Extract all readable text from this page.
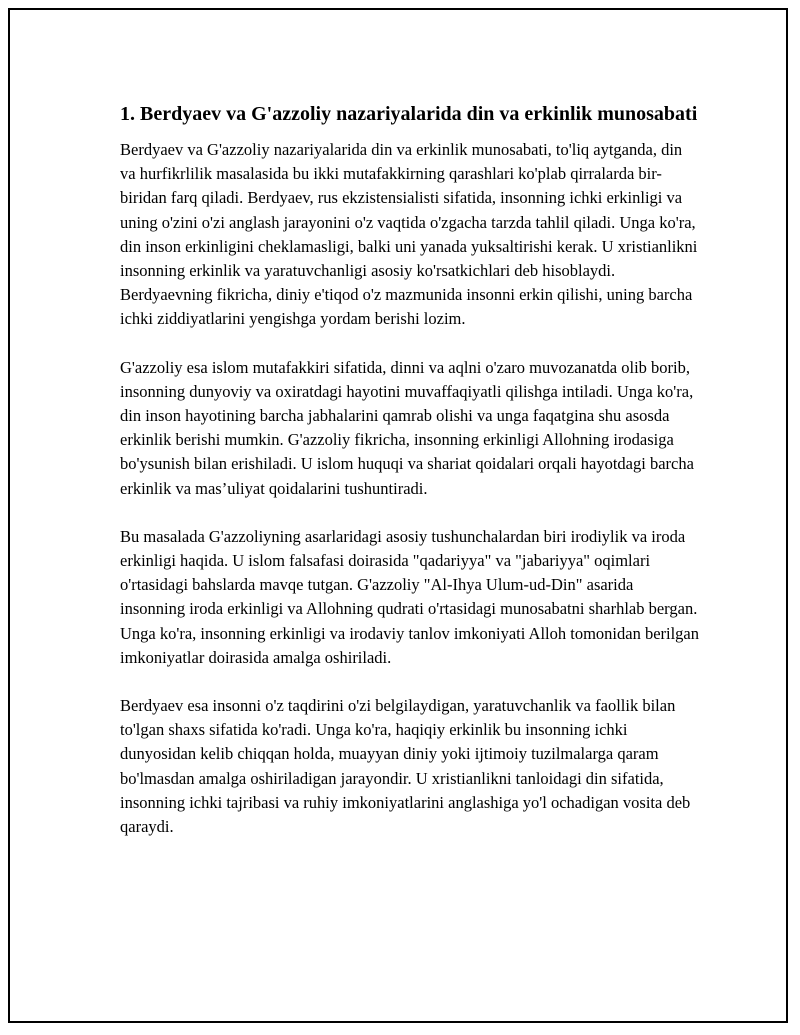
1. Berdyaev va G'azzoliy nazariyalarida din va erkinlik munosabati

Berdyaev va G'azzoliy nazariyalarida din va erkinlik munosabati, to'liq aytganda, din va hurfikrlilik masalasida bu ikki mutafakkirning qarashlari ko'plab qirralarda bir-biridan farq qiladi. Berdyaev, rus ekzistensialisti sifatida, insonning ichki erkinligi va uning o'zini o'zi anglash jarayonini o'z vaqtida o'zgacha tarzda tahlil qiladi. Unga ko'ra, din inson erkinligini cheklamasligi, balki uni yanada yuksaltirishi kerak. U xristianlikni insonning erkinlik va yaratuvchanligi asosiy ko'rsatkichlari deb hisoblaydi. Berdyaevning fikricha, diniy e'tiqod o'z mazmunida insonni erkin qilishi, uning barcha ichki ziddiyatlarini yengishga yordam berishi lozim.

G'azzoliy esa islom mutafakkiri sifatida, dinni va aqlni o'zaro muvozanatda olib borib, insonning dunyoviy va oxiratdagi hayotini muvaffaqiyatli qilishga intiladi. Unga ko'ra, din inson hayotining barcha jabhalarini qamrab olishi va unga faqatgina shu asosda erkinlik berishi mumkin. G'azzoliy fikricha, insonning erkinligi Allohning irodasiga bo'ysunish bilan erishiladi. U islom huquqi va shariat qoidalari orqali hayotdagi barcha erkinlik va mas’uliyat qoidalarini tushuntiradi.

Bu masalada G'azzoliyning asarlaridagi asosiy tushunchalardan biri irodiylik va iroda erkinligi haqida. U islom falsafasi doirasida "qadariyya" va "jabariyya" oqimlari o'rtasidagi bahslarda mavqe tutgan. G'azzoliy "Al-Ihya Ulum-ud-Din" asarida insonning iroda erkinligi va Allohning qudrati o'rtasidagi munosabatni sharhlab bergan. Unga ko'ra, insonning erkinligi va irodaviy tanlov imkoniyati Alloh tomonidan berilgan imkoniyatlar doirasida amalga oshiriladi.

Berdyaev esa insonni o'z taqdirini o'zi belgilaydigan, yaratuvchanlik va faollik bilan to'lgan shaxs sifatida ko'radi. Unga ko'ra, haqiqiy erkinlik bu insonning ichki dunyosidan kelib chiqqan holda, muayyan diniy yoki ijtimoiy tuzilmalarga qaram bo'lmasdan amalga oshiriladigan jarayondir. U xristianlikni tanloidagi din sifatida, insonning ichki tajribasi va ruhiy imkoniyatlarini anglashiga yo'l ochadigan vosita deb qaraydi.
